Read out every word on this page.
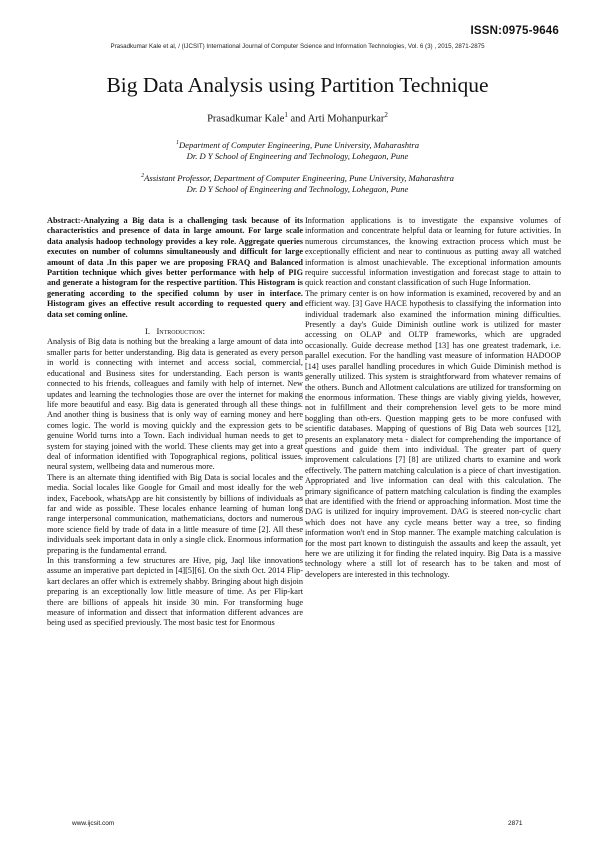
ISSN:0975-9646
Prasadkumar Kale et al, / (IJCSIT) International Journal of Computer Science and Information Technologies, Vol. 6 (3) , 2015, 2871-2875
Big Data Analysis using Partition Technique
Prasadkumar Kale$^1$ and Arti Mohanpurkar$^2$
$^1$Department of Computer Engineering, Pune University, Maharashtra
Dr. D Y School of Engineering and Technology, Lohegaon, Pune
$^2$Assistant Professor, Department of Computer Engineering, Pune University, Maharashtra
Dr. D Y School of Engineering and Technology, Lohegaon, Pune

Abstract:-Analyzing a Big data is a challenging task because of its characteristics and presence of data in large amount. For large scale data analysis hadoop technology provides a key role. Aggregate queries executes on number of columns simultaneously and difficult for large amount of data .In this paper we are proposing FRAQ and Balanced Partition technique which gives better performance with help of PIG and generate a histogram for the respective partition. This Histogram is generating according to the specified column by user in interface. Histogram gives an effective result according to requested query and data set coming online.

I. Introduction:

Analysis of Big data is nothing but the breaking a large amount of data into smaller parts for better understanding. Big data is generated as every person in world is connecting with internet and access social, commercial, educational and Business sites for understanding. Each person is wants connected to his friends, colleagues and family with help of internet. New updates and learning the technologies those are over the internet for making life more beautiful and easy. Big data is generated through all these things. And another thing is business that is only way of earning money and here comes logic. The world is moving quickly and the expression gets to be genuine World turns into a Town. Each individual human needs to get to system for staying joined with the world. These clients may get into a great deal of information identified with Topographical regions, political issues, neural system, wellbeing data and numerous more.

There is an alternate thing identified with Big Data is social locales and the media. Social locales like Google for Gmail and most ideally for the web index, Facebook, whatsApp are hit consistently by billions of individuals as far and wide as possible. These locales enhance learning of human long range interpersonal communication, mathematicians, doctors and numerous more science field by trade of data in a little measure of time [2]. All these individuals seek important data in only a single click. Enormous information preparing is the fundamental errand.

In this transforming a few structures are Hive, pig, Jaql like innovations assume an imperative part depicted in [4][5][6]. On the sixth Oct. 2014 Flip-kart declares an offer which is extremely shabby. Bringing about high disjoin preparing is an exceptionally low little measure of time. As per Flip-kart there are billions of appeals hit inside 30 min. For transforming huge measure of information and dissect that information different advances are being used as specified previously. The most basic test for Enormous

Information applications is to investigate the expansive volumes of information and concentrate helpful data or learning for future activities. In numerous circumstances, the knowing extraction process which must be exceptionally efficient and near to continuous as putting away all watched information is almost unachievable. The exceptional information amounts require successful information investigation and forecast stage to attain to quick reaction and constant classification of such Huge Information.

The primary center is on how information is examined, recovered by and an efficient way. [3] Gave HACE hypothesis to classifying the information into individual trademark also examined the information mining difficulties. Presently a day's Guide Diminish outline work is utilized for master accessing on OLAP and OLTP frameworks, which are upgraded occasionally. Guide decrease method [13] has one greatest trademark, i.e. parallel execution. For the handling vast measure of information HADOOP [14] uses parallel handling procedures in which Guide Diminish method is generally utilized. This system is straightforward from whatever remains of the others. Bunch and Allotment calculations are utilized for transforming on the enormous information. These things are viably giving yields, however, not in fulfillment and their comprehension level gets to be more mind boggling than oth-ers. Question mapping gets to be more confused with scientific databases. Mapping of questions of Big Data web sources [12], presents an explanatory meta - dialect for comprehending the importance of questions and guide them into individual. The greater part of query improvement calculations [7] [8] are utilized charts to examine and work effectively. The pattern matching calculation is a piece of chart investigation. Appropriated and live information can deal with this calculation. The primary significance of pattern matching calculation is finding the examples that are identified with the friend or approaching information. Most time the DAG is utilized for inquiry improvement. DAG is steered non-cyclic chart which does not have any cycle means better way a tree, so finding information won't end in Stop manner. The example matching calculation is for the most part known to distinguish the assaults and keep the assault, yet here we are utilizing it for finding the related inquiry. Big Data is a massive technology where a still lot of research has to be taken and most of developers are interested in this technology.

www.ijcsit.com	2871
